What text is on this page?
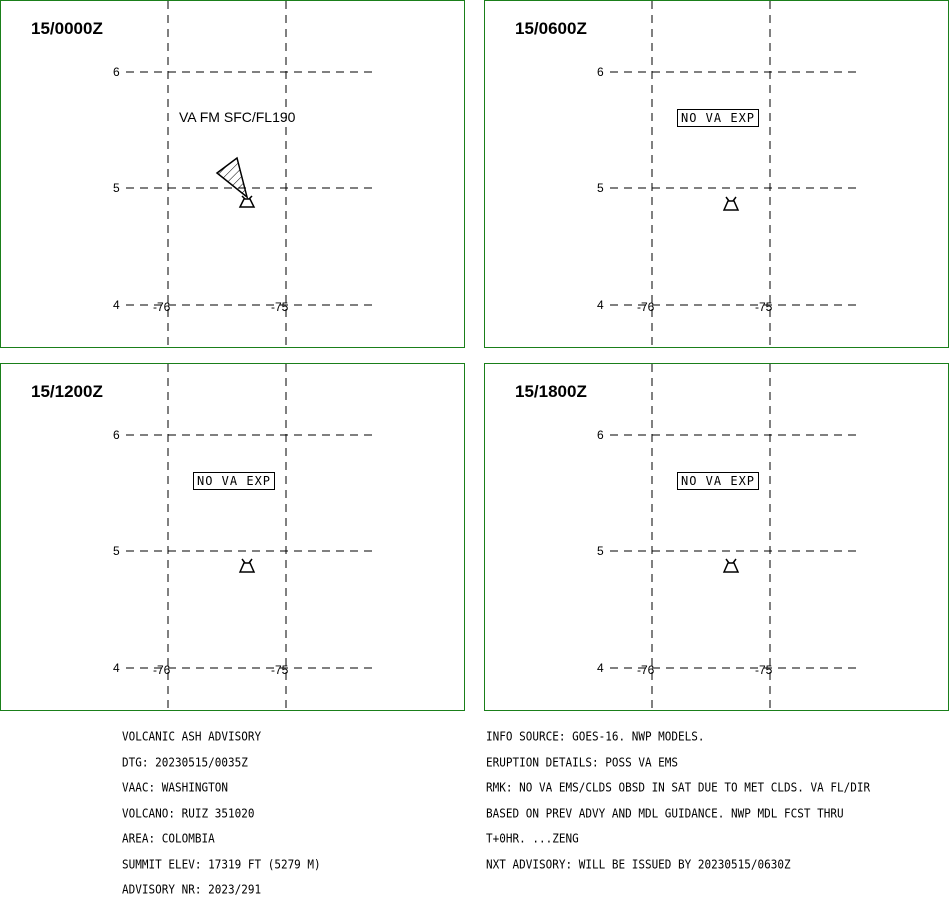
6
5
4	-76	-75
15/0000Z
VA FM SFC/FL190
6
5
4	-76	-75
15/0600Z
NO VA EXP
6
5
4	-76	-75
15/1200Z
NO VA EXP
6
5
4	-76	-75
15/1800Z
NO VA EXP

VOLCANIC ASH ADVISORY

DTG: 20230515/0035Z

VAAC: WASHINGTON

VOLCANO: RUIZ 351020

AREA: COLOMBIA

SUMMIT ELEV: 17319 FT (5279 M)

ADVISORY NR: 2023/291

INFO SOURCE: GOES-16. NWP MODELS.

ERUPTION DETAILS: POSS VA EMS

RMK: NO VA EMS/CLDS OBSD IN SAT DUE TO MET CLDS. VA FL/DIR

BASED ON PREV ADVY AND MDL GUIDANCE. NWP MDL FCST THRU

T+0HR. ...ZENG

NXT ADVISORY: WILL BE ISSUED BY 20230515/0630Z
